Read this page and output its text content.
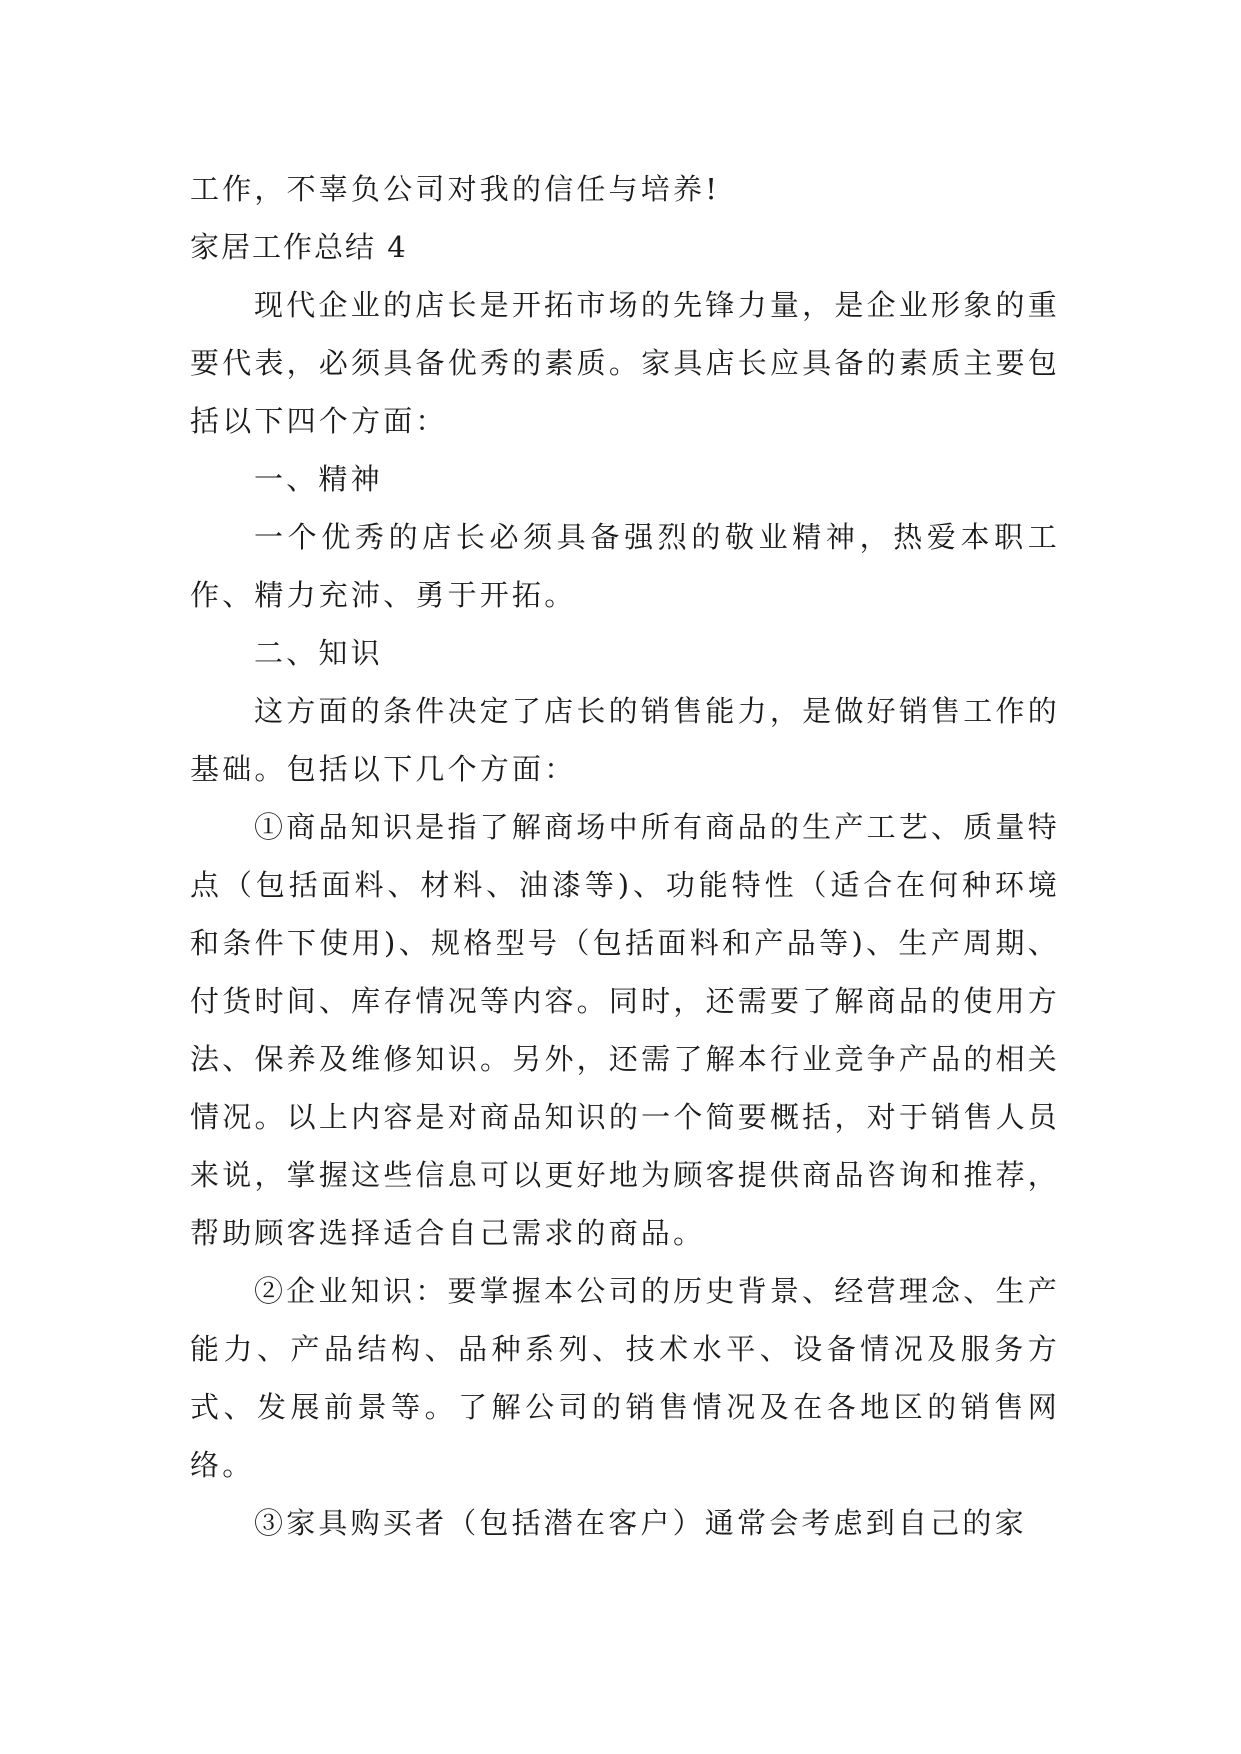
工作，不辜负公司对我的信任与培养!

家居工作总结 4

现代企业的店长是开拓市场的先锋力量，是企业形象的重要代表，必须具备优秀的素质。家具店长应具备的素质主要包括以下四个方面：

一、精神

一个优秀的店长必须具备强烈的敬业精神，热爱本职工作、精力充沛、勇于开拓。

二、知识

这方面的条件决定了店长的销售能力，是做好销售工作的基础。包括以下几个方面：

①商品知识是指了解商场中所有商品的生产工艺、质量特点（包括面料、材料、油漆等)、功能特性（适合在何种环境和条件下使用)、规格型号（包括面料和产品等)、生产周期、付货时间、库存情况等内容。同时，还需要了解商品的使用方法、保养及维修知识。另外，还需了解本行业竞争产品的相关情况。以上内容是对商品知识的一个简要概括，对于销售人员来说，掌握这些信息可以更好地为顾客提供商品咨询和推荐，帮助顾客选择适合自己需求的商品。

②企业知识：要掌握本公司的历史背景、经营理念、生产能力、产品结构、品种系列、技术水平、设备情况及服务方式、发展前景等。了解公司的销售情况及在各地区的销售网络。

③家具购买者（包括潜在客户）通常会考虑到自己的家
